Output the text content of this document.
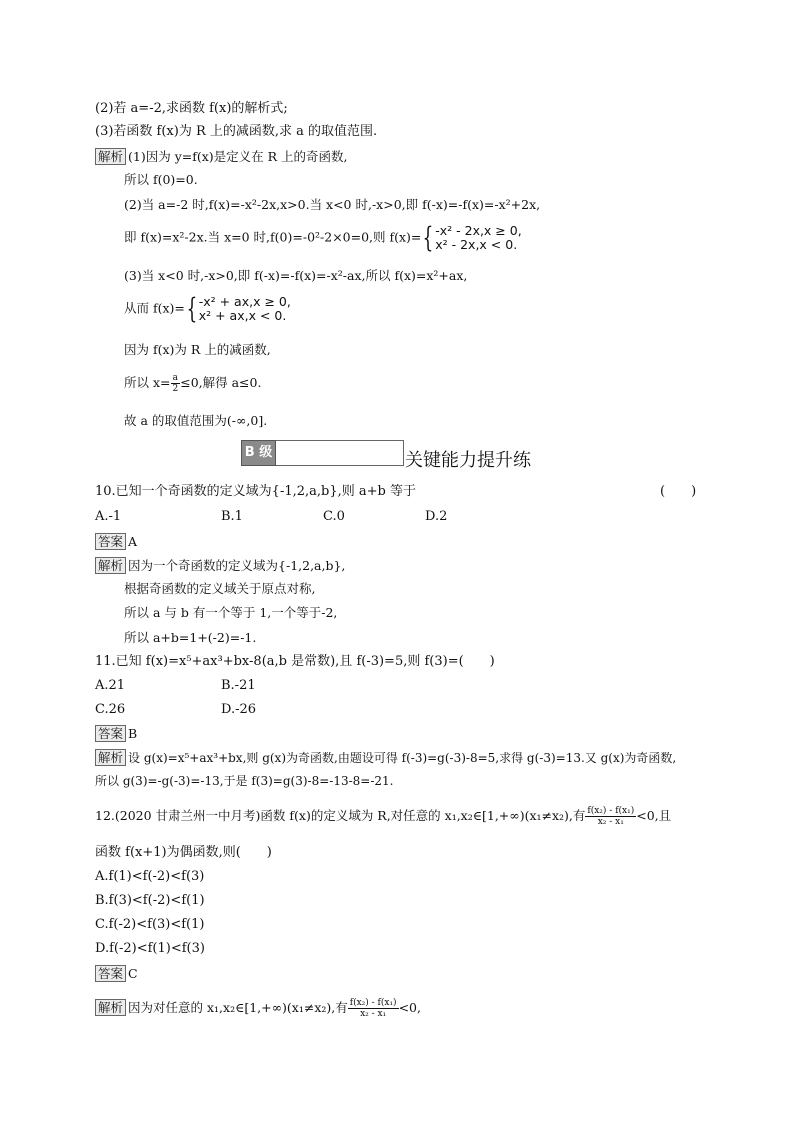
(2)若 a=-2,求函数 f(x)的解析式;
(3)若函数 f(x)为 R 上的减函数,求 a 的取值范围.
解析 (1)因为 y=f(x)是定义在 R 上的奇函数,
所以 f(0)=0.
(2)当 a=-2 时,f(x)=-x²-2x,x>0.当 x<0 时,-x>0,即 f(-x)=-f(x)=-x²+2x,
即 f(x)=x²-2x.当 x=0 时,f(0)=-0²-2×0=0,则 f(x)={ -x² - 2x,x ≥ 0,
x² - 2x,x < 0.
(3)当 x<0 时,-x>0,即 f(-x)=-f(x)=-x²-ax,所以 f(x)=x²+ax,
从而 f(x)={ -x² + ax,x ≥ 0,
x² + ax,x < 0.
因为 f(x)为 R 上的减函数,
所以 $x= \frac{a}{2} \le 0$,解得 a≤0.
故 a 的取值范围为(-∞,0].
B 级	关键能力提升练
10.已知一个奇函数的定义域为{-1,2,a,b},则 a+b 等于	(　　)
A.-1	B.1	C.0	D.2
答案 A
解析 因为一个奇函数的定义域为{-1,2,a,b},
根据奇函数的定义域关于原点对称,
所以 a 与 b 有一个等于 1,一个等于-2,
所以 a+b=1+(-2)=-1.
11.已知 f(x)=x⁵+ax³+bx-8(a,b 是常数),且 f(-3)=5,则 f(3)=(　　)
A.21	B.-21
C.26	D.-26
答案 B
解析 设 g(x)=x⁵+ax³+bx,则 g(x)为奇函数,由题设可得 f(-3)=g(-3)-8=5,求得 g(-3)=13.又 g(x)为奇函数,
所以 g(3)=-g(-3)=-13,于是 f(3)=g(3)-8=-13-8=-21.
12.(2020 甘肃兰州一中月考)函数 f(x)的定义域为 R,对任意的 x₁,x₂∈[1,+∞)(x₁≠x₂),有 $\frac{\text{f(x₂) - f(x₁)}}{\text{x₂ - x₁}} <0$,且
函数 f(x+1)为偶函数,则(　　)
A.f(1)<f(-2)<f(3)
B.f(3)<f(-2)<f(1)
C.f(-2)<f(3)<f(1)
D.f(-2)<f(1)<f(3)
答案 C
解析 因为对任意的 x₁,x₂∈[1,+∞)(x₁≠x₂),有 $\frac{\text{f(x₂) - f(x₁)}}{\text{x₂ - x₁}} <0$,
